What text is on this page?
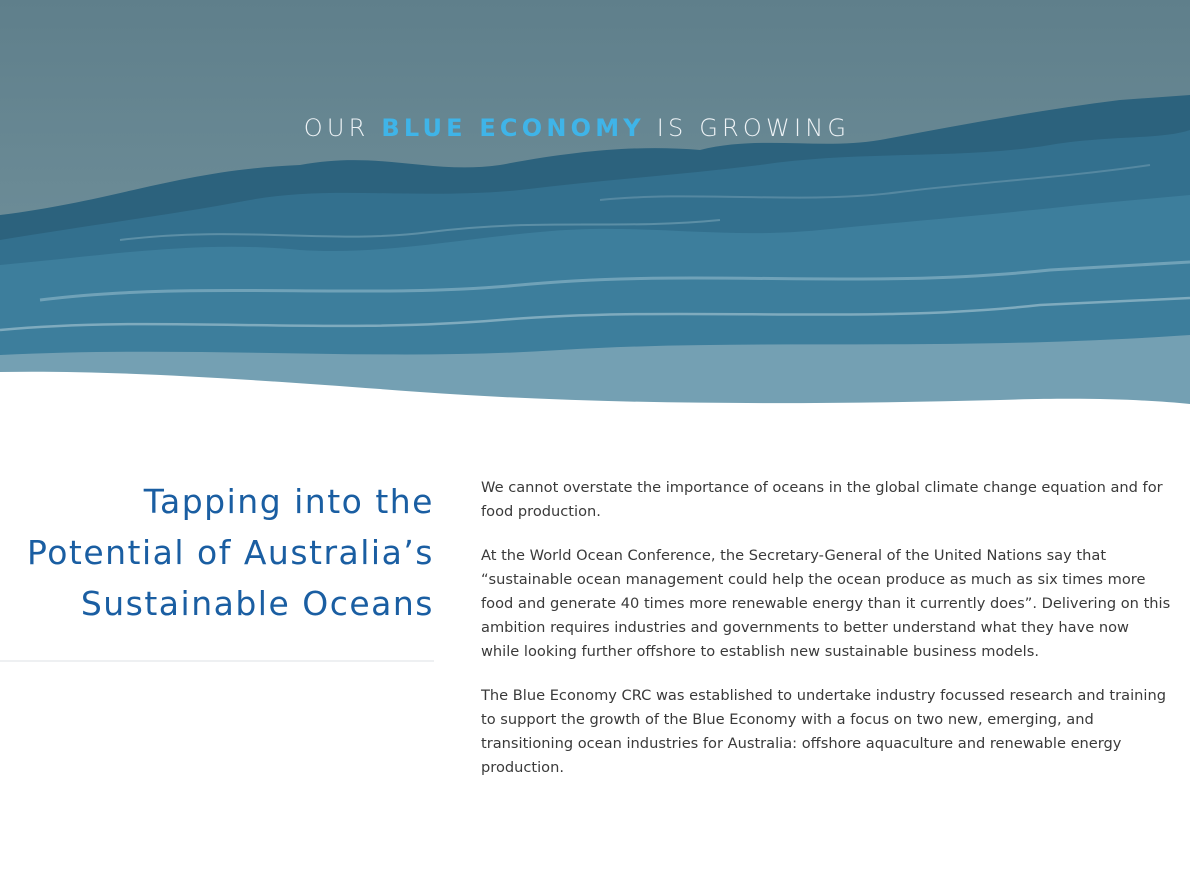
OUR BLUE ECONOMY IS GROWING
Tapping into the
Potential of Australia’s
Sustainable Oceans

We cannot overstate the importance of oceans in the global climate change equation and for food production.

At the World Ocean Conference, the Secretary-General of the United Nations say that “sustainable ocean management could help the ocean produce as much as six times more food and generate 40 times more renewable energy than it currently does”. Delivering on this ambition requires industries and governments to better understand what they have now while looking further offshore to establish new sustainable business models.

The Blue Economy CRC was established to undertake industry focussed research and training to support the growth of the Blue Economy with a focus on two new, emerging, and transitioning ocean industries for Australia: offshore aquaculture and renewable energy production.
